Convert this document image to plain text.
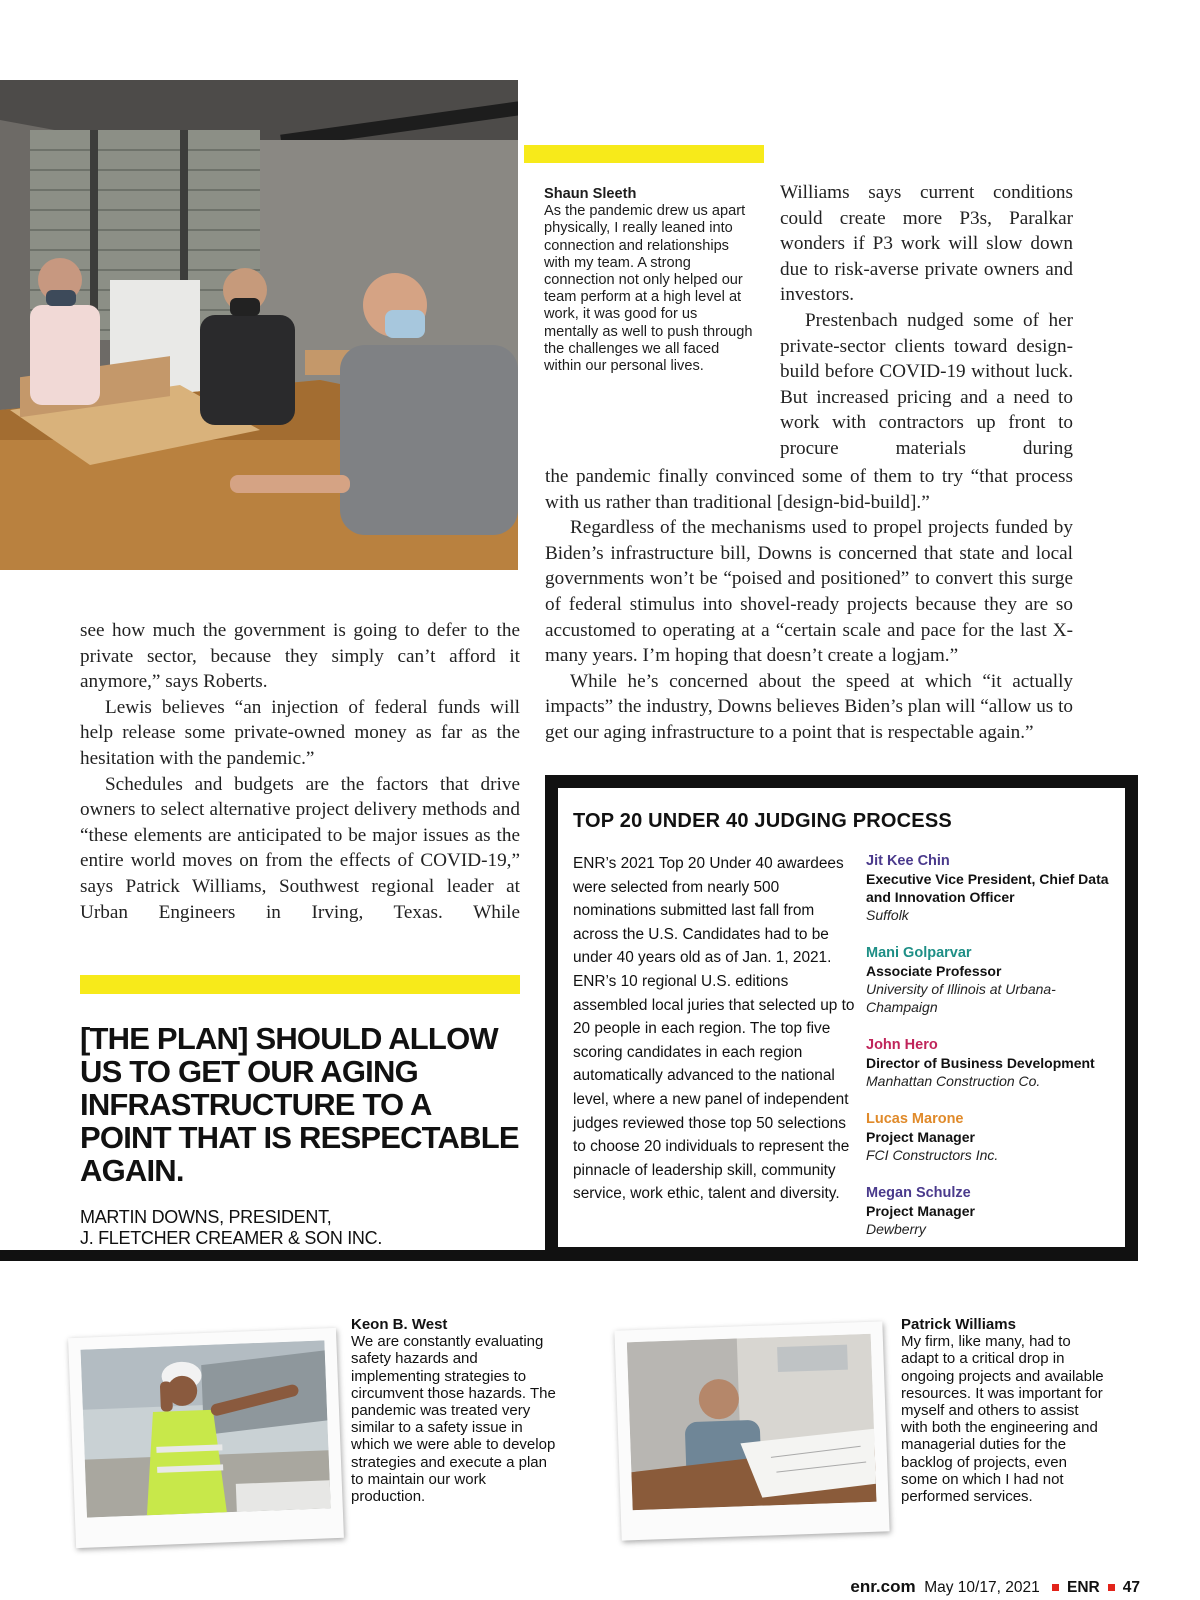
Shaun Sleeth
As the pandemic drew us apart physically, I really leaned into connection and relationships with my team. A strong connection not only helped our team perform at a high level at work, it was good for us mentally as well to push through the challenges we all faced within our personal lives.

Williams says current conditions could create more P3s, Paralkar wonders if P3 work will slow down due to risk-averse private owners and investors.

Prestenbach nudged some of her private-sector clients toward design-build before COVID-19 without luck. But increased pricing and a need to work with contractors up front to procure materials during

the pandemic finally convinced some of them to try “that process with us rather than traditional [design-bid-build].”

Regardless of the mechanisms used to propel projects funded by Biden’s infrastructure bill, Downs is concerned that state and local governments won’t be “poised and positioned” to convert this surge of federal stimulus into shovel-ready projects because they are so accustomed to operating at a “certain scale and pace for the last X-many years. I’m hoping that doesn’t create a logjam.”

While he’s concerned about the speed at which “it actually impacts” the industry, Downs believes Biden’s plan will “allow us to get our aging infrastructure to a point that is respectable again.”

see how much the government is going to defer to the private sector, because they simply can’t afford it anymore,” says Roberts.

Lewis believes “an injection of federal funds will help release some private-owned money as far as the hesitation with the pandemic.”

Schedules and budgets are the factors that drive owners to select alternative project delivery methods and “these elements are anticipated to be major issues as the entire world moves on from the effects of COVID-19,” says Patrick Williams, Southwest regional leader at Urban Engineers in Irving, Texas. While

[THE PLAN] SHOULD ALLOW US TO GET OUR AGING INFRASTRUCTURE TO A POINT THAT IS RESPECTABLE AGAIN.
MARTIN DOWNS, PRESIDENT,
J. FLETCHER CREAMER & SON INC.
TOP 20 UNDER 40 JUDGING PROCESS
ENR’s 2021 Top 20 Under 40 awardees were selected from nearly 500 nominations submitted last fall from across the U.S. Candidates had to be under 40 years old as of Jan. 1, 2021. ENR’s 10 regional U.S. editions assembled local juries that selected up to 20 people in each region. The top five scoring candidates in each region automatically advanced to the national level, where a new panel of independent judges reviewed those top 50 selections to choose 20 individuals to represent the pinnacle of leadership skill, community service, work ethic, talent and diversity.
Jit Kee Chin
Executive Vice President, Chief Data and Innovation Officer
Suffolk
Mani Golparvar
Associate Professor
University of Illinois at Urbana-Champaign
John Hero
Director of Business Development
Manhattan Construction Co.
Lucas Marone
Project Manager
FCI Constructors Inc.
Megan Schulze
Project Manager
Dewberry
Keon B. West
We are constantly evaluating safety hazards and implementing strategies to circumvent those hazards. The pandemic was treated very similar to a safety issue in which we were able to develop strategies and execute a plan to maintain our work production.
Patrick Williams
My firm, like many, had to adapt to a critical drop in ongoing projects and available resources. It was important for myself and others to assist with both the engineering and managerial duties for the backlog of projects, even some on which I had not performed services.
enr.com May 10/17, 2021 ENR 47
